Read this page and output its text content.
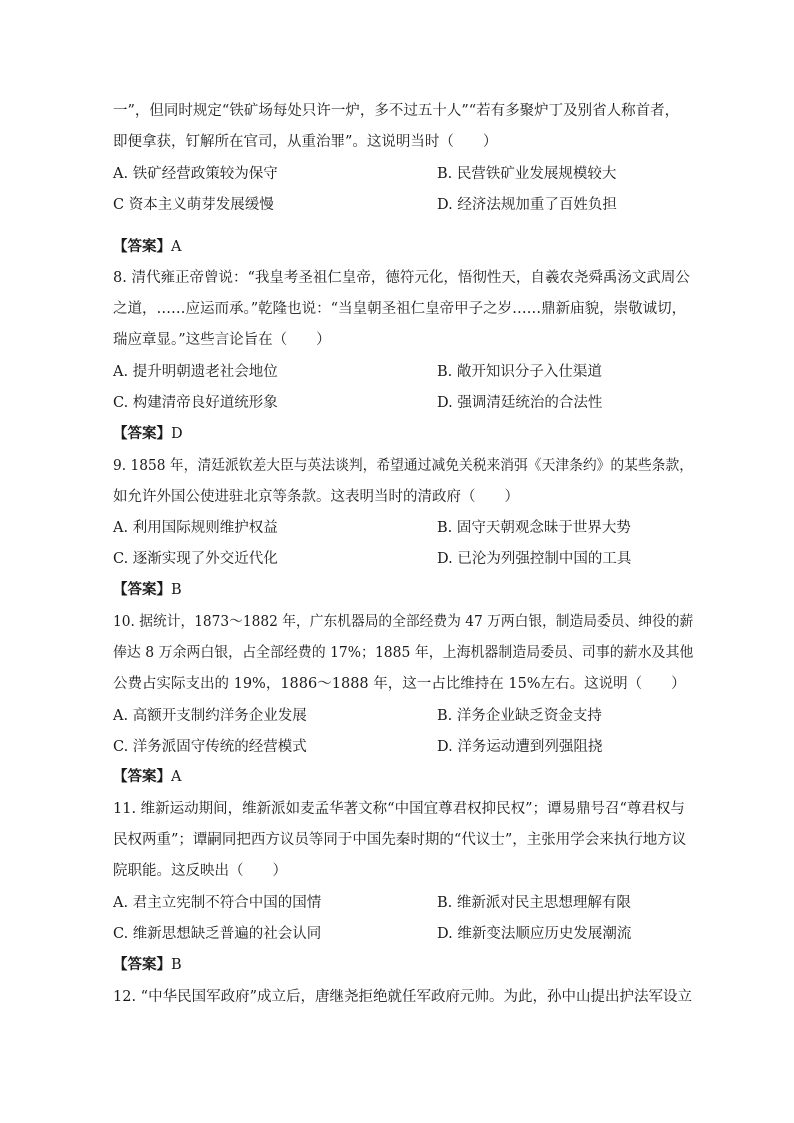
一”，但同时规定“铁矿场每处只许一炉，多不过五十人”“若有多聚炉丁及别省人称首者，
即便拿获，钉解所在官司，从重治罪”。这说明当时（　　）
A. 铁矿经营政策较为保守	B. 民营铁矿业发展规模较大
C 资本主义萌芽发展缓慢	D. 经济法规加重了百姓负担
【答案】A
8. 清代雍正帝曾说：“我皇考圣祖仁皇帝，德符元化，悟彻性天，自羲农尧舜禹汤文武周公
之道，……应运而承。”乾隆也说：“当皇朝圣祖仁皇帝甲子之岁……鼎新庙貌，崇敬诚切，
瑞应章显。”这些言论旨在（　　）
A. 提升明朝遗老社会地位	B. 敞开知识分子入仕渠道
C. 构建清帝良好道统形象	D. 强调清廷统治的合法性
【答案】D
9. 1858 年，清廷派钦差大臣与英法谈判，希望通过减免关税来消弭《天津条约》的某些条款，
如允许外国公使进驻北京等条款。这表明当时的清政府（　　）
A. 利用国际规则维护权益	B. 固守天朝观念昧于世界大势
C. 逐渐实现了外交近代化	D. 已沦为列强控制中国的工具
【答案】B
10. 据统计，1873～1882 年，广东机器局的全部经费为 47 万两白银，制造局委员、绅役的薪
俸达 8 万余两白银，占全部经费的 17%；1885 年，上海机器制造局委员、司事的薪水及其他
公费占实际支出的 19%，1886～1888 年，这一占比维持在 15%左右。这说明（　　）
A. 高额开支制约洋务企业发展	B. 洋务企业缺乏资金支持
C. 洋务派固守传统的经营模式	D. 洋务运动遭到列强阻挠
【答案】A
11. 维新运动期间，维新派如麦孟华著文称“中国宜尊君权抑民权”；谭易鼎号召“尊君权与
民权两重”；谭嗣同把西方议员等同于中国先秦时期的“代议士”，主张用学会来执行地方议
院职能。这反映出（　　）
A. 君主立宪制不符合中国的国情	B. 维新派对民主思想理解有限
C. 维新思想缺乏普遍的社会认同	D. 维新变法顺应历史发展潮流
【答案】B
12. “中华民国军政府”成立后，唐继尧拒绝就任军政府元帅。为此，孙中山提出护法军设立
